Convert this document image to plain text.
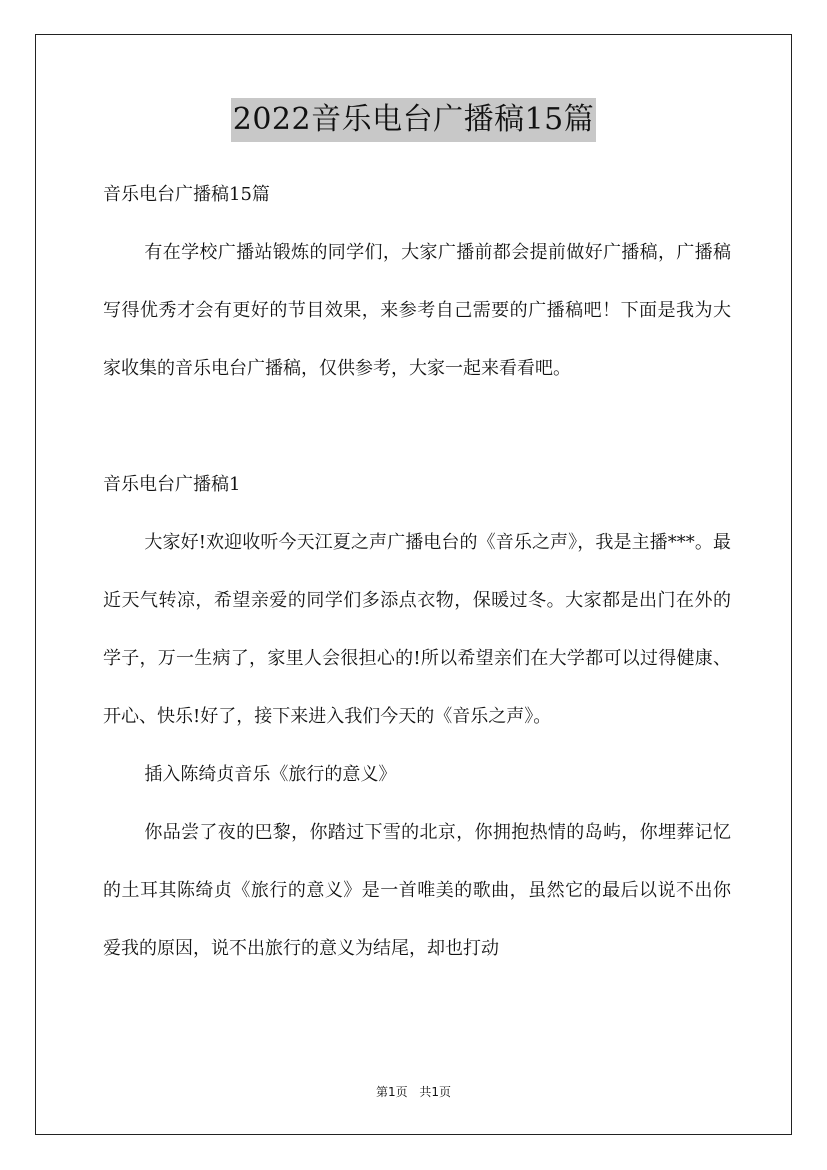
2022音乐电台广播稿15篇

音乐电台广播稿15篇

有在学校广播站锻炼的同学们，大家广播前都会提前做好广播稿，广播稿写得优秀才会有更好的节目效果，来参考自己需要的广播稿吧！下面是我为大家收集的音乐电台广播稿，仅供参考，大家一起来看看吧。

音乐电台广播稿1

大家好!欢迎收听今天江夏之声广播电台的《音乐之声》，我是主播***。最近天气转凉，希望亲爱的同学们多添点衣物，保暖过冬。大家都是出门在外的学子，万一生病了，家里人会很担心的!所以希望亲们在大学都可以过得健康、开心、快乐!好了，接下来进入我们今天的《音乐之声》。

插入陈绮贞音乐《旅行的意义》

你品尝了夜的巴黎，你踏过下雪的北京，你拥抱热情的岛屿，你埋葬记忆的土耳其陈绮贞《旅行的意义》是一首唯美的歌曲，虽然它的最后以说不出你爱我的原因，说不出旅行的意义为结尾，却也打动

第1页 共1页
